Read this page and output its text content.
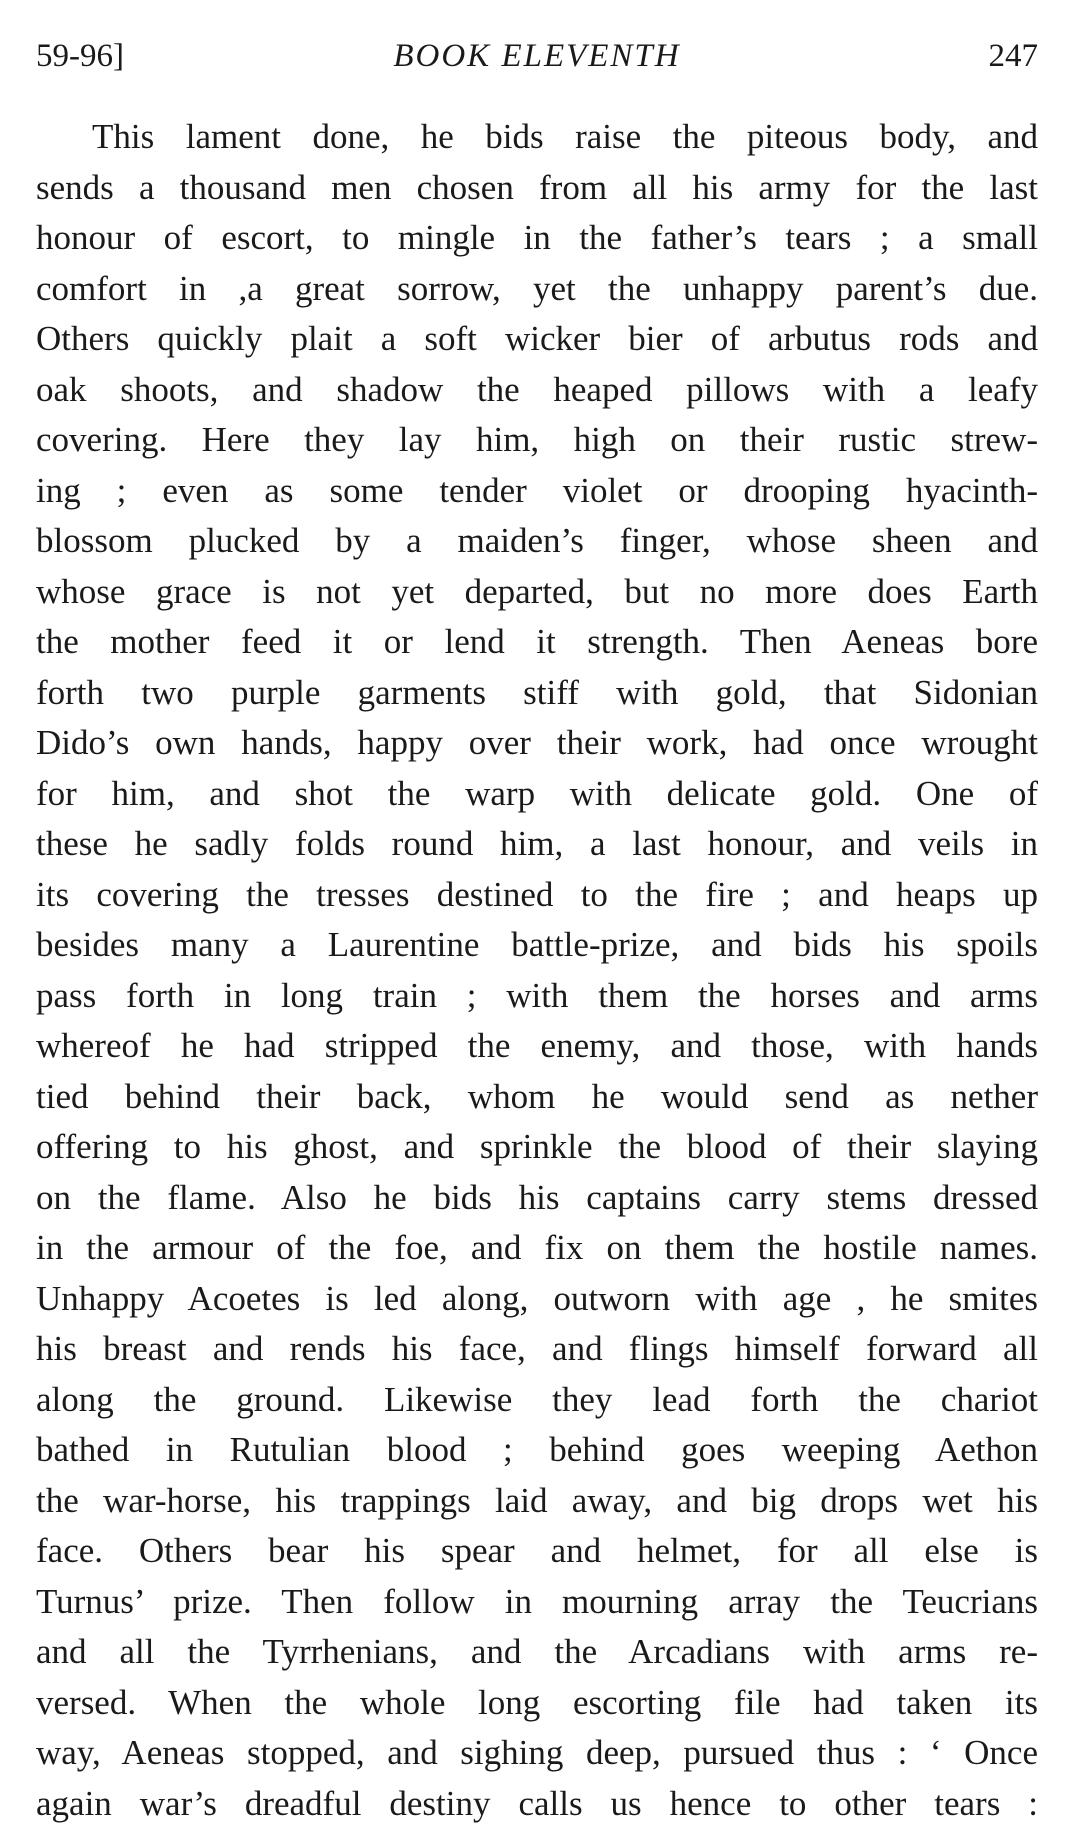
59-96]	BOOK ELEVENTH	247
This lament done, he bids raise the piteous body, and
sends a thousand men chosen from all his army for the last
honour of escort, to mingle in the father’s tears ; a small
comfort in ,a great sorrow, yet the unhappy parent’s due.
Others quickly plait a soft wicker bier of arbutus rods and
oak shoots, and shadow the heaped pillows with a leafy
covering. Here they lay him, high on their rustic strew-
ing ; even as some tender violet or drooping hyacinth-
blossom plucked by a maiden’s finger, whose sheen and
whose grace is not yet departed, but no more does Earth
the mother feed it or lend it strength. Then Aeneas bore
forth two purple garments stiff with gold, that Sidonian
Dido’s own hands, happy over their work, had once wrought
for him, and shot the warp with delicate gold. One of
these he sadly folds round him, a last honour, and veils in
its covering the tresses destined to the fire ; and heaps up
besides many a Laurentine battle-prize, and bids his spoils
pass forth in long train ; with them the horses and arms
whereof he had stripped the enemy, and those, with hands
tied behind their back, whom he would send as nether
offering to his ghost, and sprinkle the blood of their slaying
on the flame. Also he bids his captains carry stems dressed
in the armour of the foe, and fix on them the hostile names.
Unhappy Acoetes is led along, outworn with age , he smites
his breast and rends his face, and flings himself forward all
along the ground. Likewise they lead forth the chariot
bathed in Rutulian blood ; behind goes weeping Aethon
the war-horse, his trappings laid away, and big drops wet his
face. Others bear his spear and helmet, for all else is
Turnus’ prize. Then follow in mourning array the Teucrians
and all the Tyrrhenians, and the Arcadians with arms re-
versed. When the whole long escorting file had taken its
way, Aeneas stopped, and sighing deep, pursued thus : ‘ Once
again war’s dreadful destiny calls us hence to other tears :
